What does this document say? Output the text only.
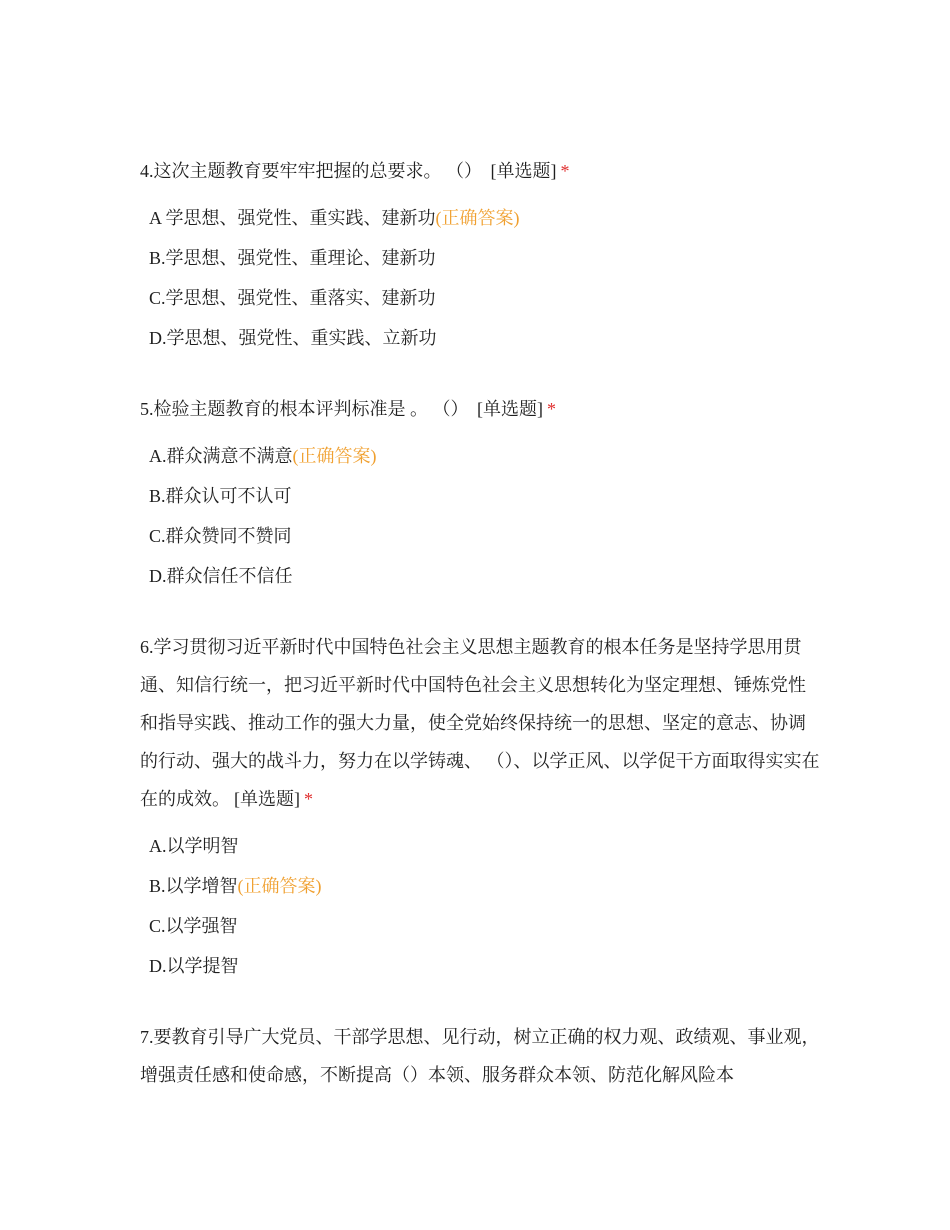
4.这次主题教育要牢牢把握的总要求。 （） [单选题] *

A 学思想、强党性、重实践、建新功(正确答案)
B.学思想、强党性、重理论、建新功
C.学思想、强党性、重落实、建新功
D.学思想、强党性、重实践、立新功

5.检验主题教育的根本评判标准是 。 （） [单选题] *

A.群众满意不满意(正确答案)
B.群众认可不认可
C.群众赞同不赞同
D.群众信任不信任

6.学习贯彻习近平新时代中国特色社会主义思想主题教育的根本任务是坚持学思用贯通、知信行统一，把习近平新时代中国特色社会主义思想转化为坚定理想、锤炼党性和指导实践、推动工作的强大力量，使全党始终保持统一的思想、坚定的意志、协调的行动、强大的战斗力，努力在以学铸魂、 （）、以学正风、以学促干方面取得实实在在的成效。 [单选题] *

A.以学明智
B.以学增智(正确答案)
C.以学强智
D.以学提智

7.要教育引导广大党员、干部学思想、见行动，树立正确的权力观、政绩观、事业观，增强责任感和使命感，不断提高（）本领、服务群众本领、防范化解风险本
